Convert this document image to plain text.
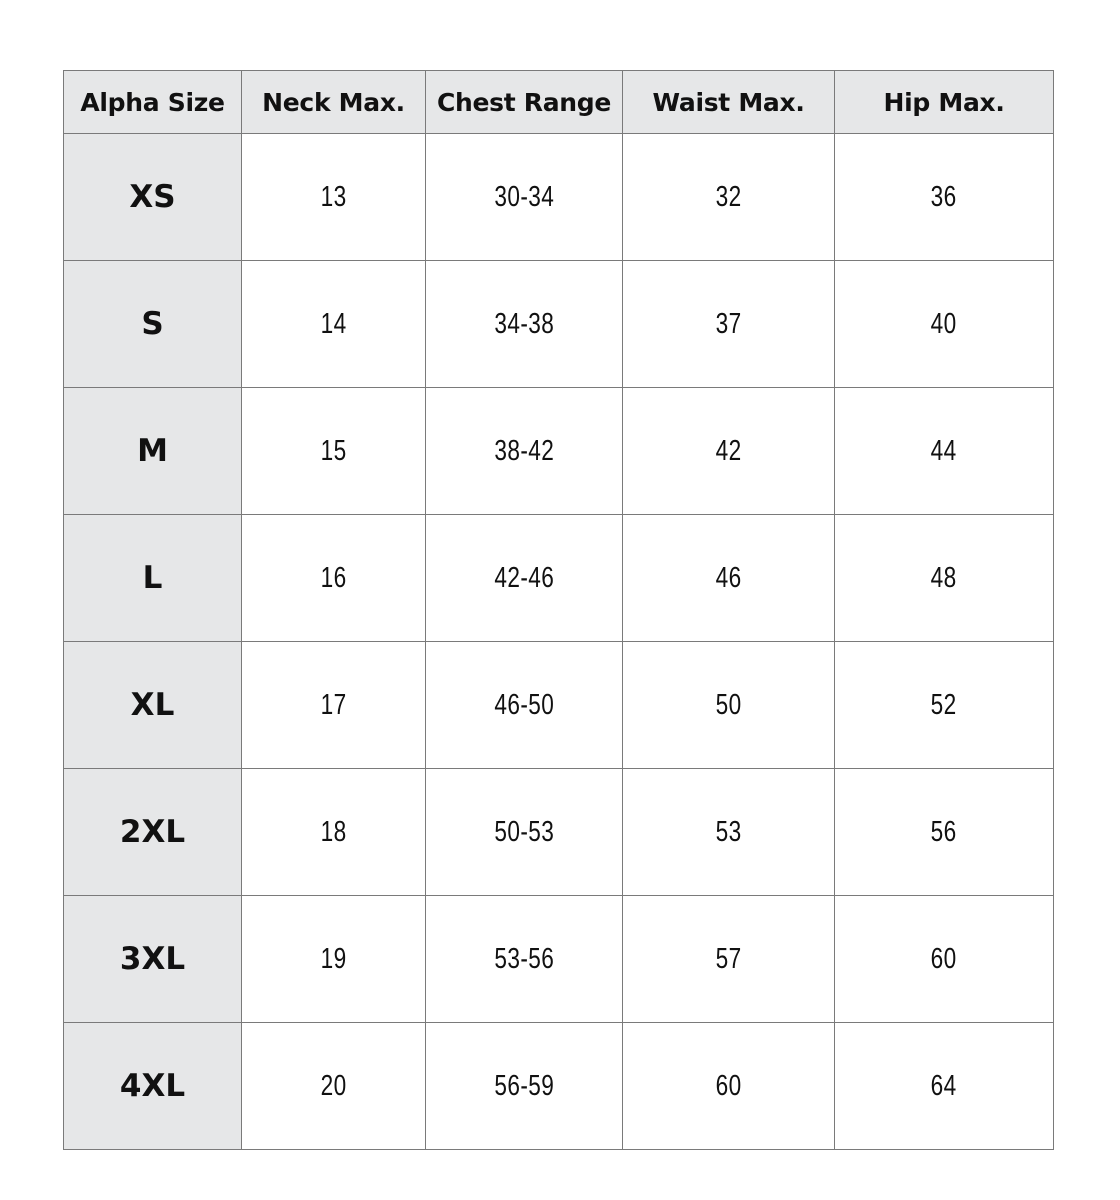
Alpha Size	Neck Max.	Chest Range	Waist Max.	Hip Max.
XS	13	30-34	32	36
S	14	34-38	37	40
M	15	38-42	42	44
L	16	42-46	46	48
XL	17	46-50	50	52
2XL	18	50-53	53	56
3XL	19	53-56	57	60
4XL	20	56-59	60	64
